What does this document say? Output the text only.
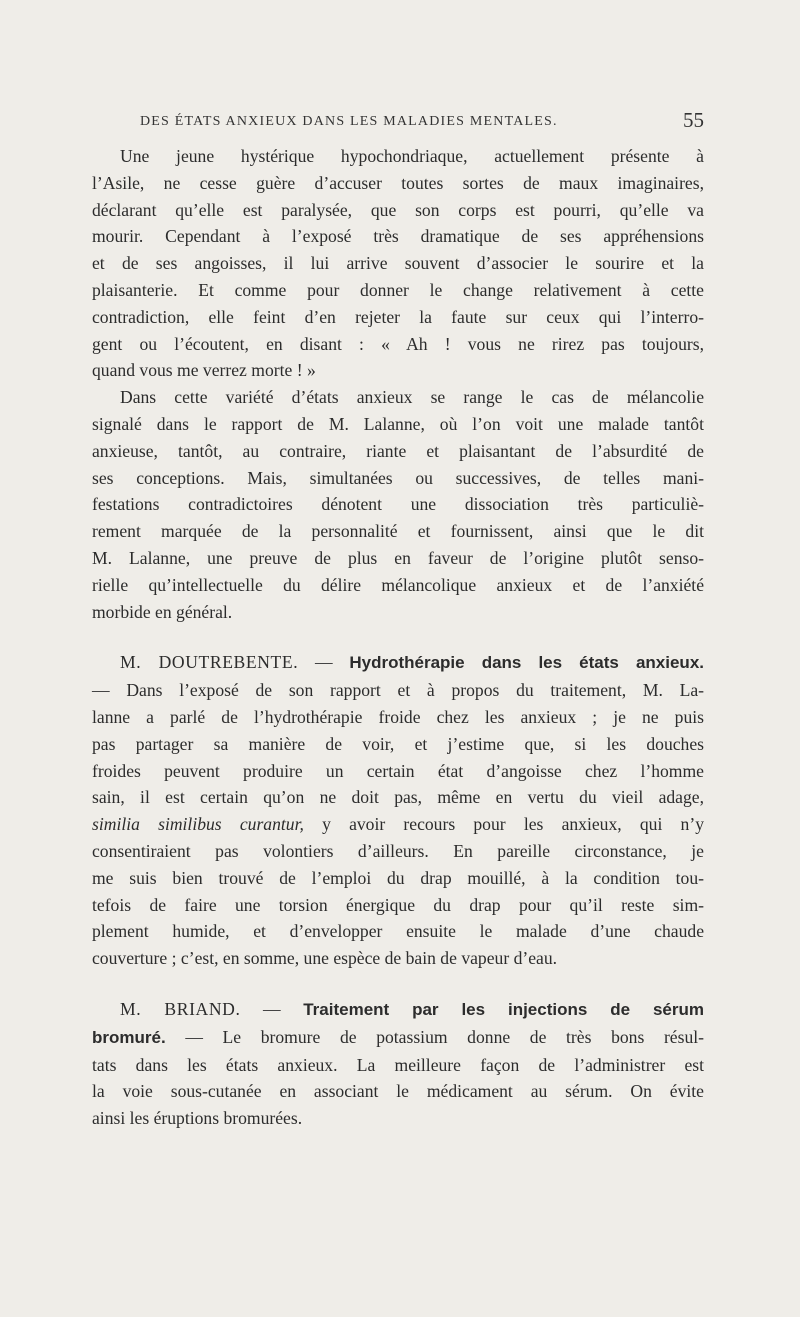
DES ÉTATS ANXIEUX DANS LES MALADIES MENTALES.	55
Une jeune hystérique hypochondriaque, actuellement présente à
l’Asile, ne cesse guère d’accuser toutes sortes de maux imaginaires,
déclarant qu’elle est paralysée, que son corps est pourri, qu’elle va
mourir. Cependant à l’exposé très dramatique de ses appréhensions
et de ses angoisses, il lui arrive souvent d’associer le sourire et la
plaisanterie. Et comme pour donner le change relativement à cette
contradiction, elle feint d’en rejeter la faute sur ceux qui l’interro-
gent ou l’écoutent, en disant : « Ah ! vous ne rirez pas toujours,
quand vous me verrez morte ! »
Dans cette variété d’états anxieux se range le cas de mélancolie
signalé dans le rapport de M. Lalanne, où l’on voit une malade tantôt
anxieuse, tantôt, au contraire, riante et plaisantant de l’absurdité de
ses conceptions. Mais, simultanées ou successives, de telles mani-
festations contradictoires dénotent une dissociation très particuliè-
rement marquée de la personnalité et fournissent, ainsi que le dit
M. Lalanne, une preuve de plus en faveur de l’origine plutôt senso-
rielle qu’intellectuelle du délire mélancolique anxieux et de l’anxiété
morbide en général.
M. DOUTREBENTE. — Hydrothérapie dans les états anxieux.
— Dans l’exposé de son rapport et à propos du traitement, M. La-
lanne a parlé de l’hydrothérapie froide chez les anxieux ; je ne puis
pas partager sa manière de voir, et j’estime que, si les douches
froides peuvent produire un certain état d’angoisse chez l’homme
sain, il est certain qu’on ne doit pas, même en vertu du vieil adage,
similia similibus curantur, y avoir recours pour les anxieux, qui n’y
consentiraient pas volontiers d’ailleurs. En pareille circonstance, je
me suis bien trouvé de l’emploi du drap mouillé, à la condition tou-
tefois de faire une torsion énergique du drap pour qu’il reste sim-
plement humide, et d’envelopper ensuite le malade d’une chaude
couverture ; c’est, en somme, une espèce de bain de vapeur d’eau.
M. BRIAND. — Traitement par les injections de sérum
bromuré. — Le bromure de potassium donne de très bons résul-
tats dans les états anxieux. La meilleure façon de l’administrer est
la voie sous-cutanée en associant le médicament au sérum. On évite
ainsi les éruptions bromurées.
